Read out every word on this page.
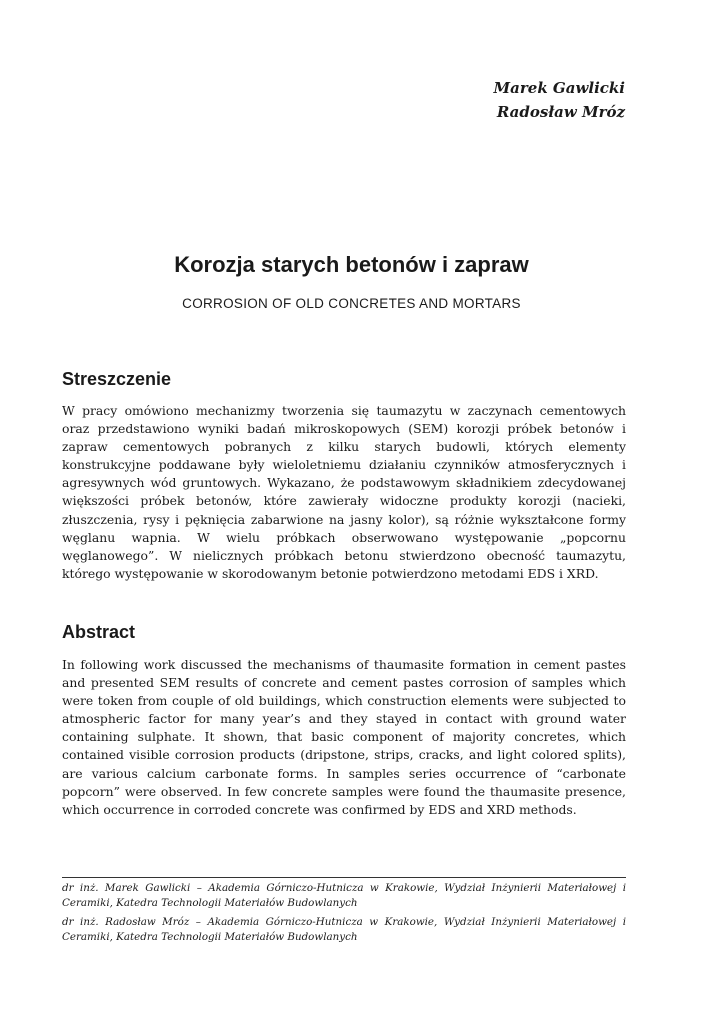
Marek Gawlicki
Radosław Mróz
Korozja starych betonów i zapraw
CORROSION OF OLD CONCRETES AND MORTARS
Streszczenie

W pracy omówiono mechanizmy tworzenia się taumazytu w zaczynach cementowych oraz przedstawiono wyniki badań mikroskopowych (SEM) korozji próbek betonów i zapraw cementowych pobranych z kilku starych budowli, których elementy konstrukcyjne poddawane były wieloletniemu działaniu czynników atmosferycznych i agresywnych wód gruntowych. Wykazano, że podstawowym składnikiem zdecydowanej większości próbek betonów, które zawierały widoczne produkty korozji (nacieki, złuszczenia, rysy i pęknięcia zabarwione na jasny kolor), są różnie wykształcone formy węglanu wapnia. W wielu próbkach obserwowano występowanie „popcornu węglanowego”. W nielicznych próbkach betonu stwierdzono obecność taumazytu, którego występowanie w skorodowanym betonie potwierdzono metodami EDS i XRD.

Abstract

In following work discussed the mechanisms of thaumasite formation in cement pastes and presented SEM results of concrete and cement pastes corrosion of samples which were token from couple of old buildings, which construction elements were subjected to atmospheric factor for many year’s and they stayed in contact with ground water containing sulphate. It shown, that basic component of majority concretes, which contained visible corrosion products (dripstone, strips, cracks, and light colored splits), are various calcium carbonate forms. In samples series occurrence of “carbonate popcorn” were observed. In few concrete samples were found the thaumasite presence, which occurrence in corroded concrete was confirmed by EDS and XRD methods.

dr inż. Marek Gawlicki – Akademia Górniczo-Hutnicza w Krakowie, Wydział Inżynierii Materiałowej i Ceramiki, Katedra Technologii Materiałów Budowlanych

dr inż. Radosław Mróz – Akademia Górniczo-Hutnicza w Krakowie, Wydział Inżynierii Materiałowej i Ceramiki, Katedra Technologii Materiałów Budowlanych
